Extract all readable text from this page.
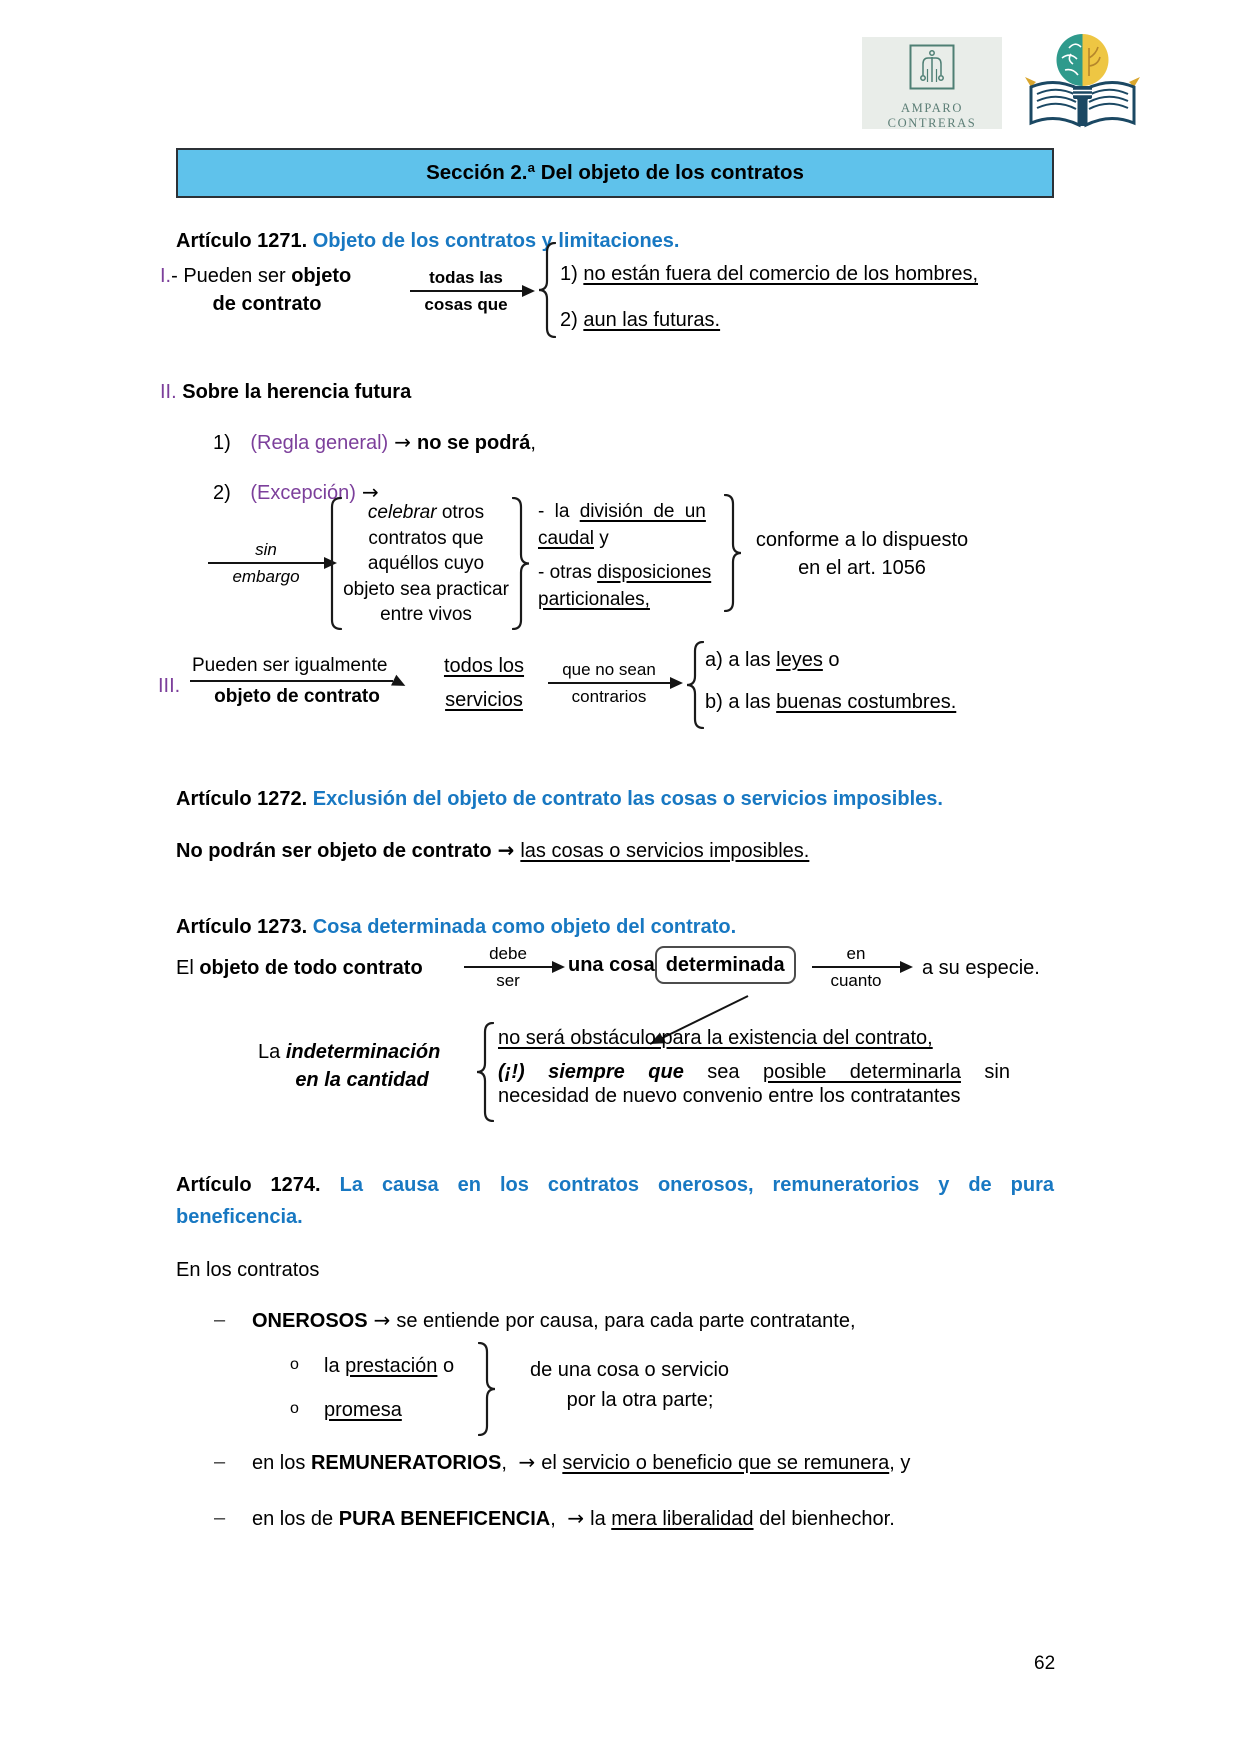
AMPARO CONTRERAS
Sección 2.ª Del objeto de los contratos
Artículo 1271. Objeto de los contratos y limitaciones.
I.- Pueden ser objeto
de contrato
todas las
cosas que
1) no están fuera del comercio de los hombres,
2) aun las futuras.
II. Sobre la herencia futura
1) (Regla general) → no se podrá,
2) (Excepción) →
sin
embargo
celebrar otros
contratos que
aquéllos cuyo
objeto sea practicar
entre vivos
- la división de un
caudal y
- otras disposiciones
particionales,
conforme a lo dispuesto
en el art. 1056
III.
Pueden ser igualmente
objeto de contrato
todos los
servicios
que no sean
contrarios
a) a las leyes o
b) a las buenas costumbres.
Artículo 1272. Exclusión del objeto de contrato las cosas o servicios imposibles.
No podrán ser objeto de contrato → las cosas o servicios imposibles.
Artículo 1273. Cosa determinada como objeto del contrato.
El objeto de todo contrato
debe
ser
una cosa determinada
en
cuanto
a su especie.
La indeterminación
en la cantidad
no será obstáculo para la existencia del contrato,
(¡!) siempre que sea posible determinarla sin
necesidad de nuevo convenio entre los contratantes
Artículo 1274. La causa en los contratos onerosos, remuneratorios y de pura
beneficencia.
En los contratos
– ONEROSOS → se entiende por causa, para cada parte contratante,
o la prestación o
o promesa
de una cosa o servicio
por la otra parte;
– en los REMUNERATORIOS, → el servicio o beneficio que se remunera, y
– en los de PURA BENEFICENCIA, → la mera liberalidad del bienhechor.
62
